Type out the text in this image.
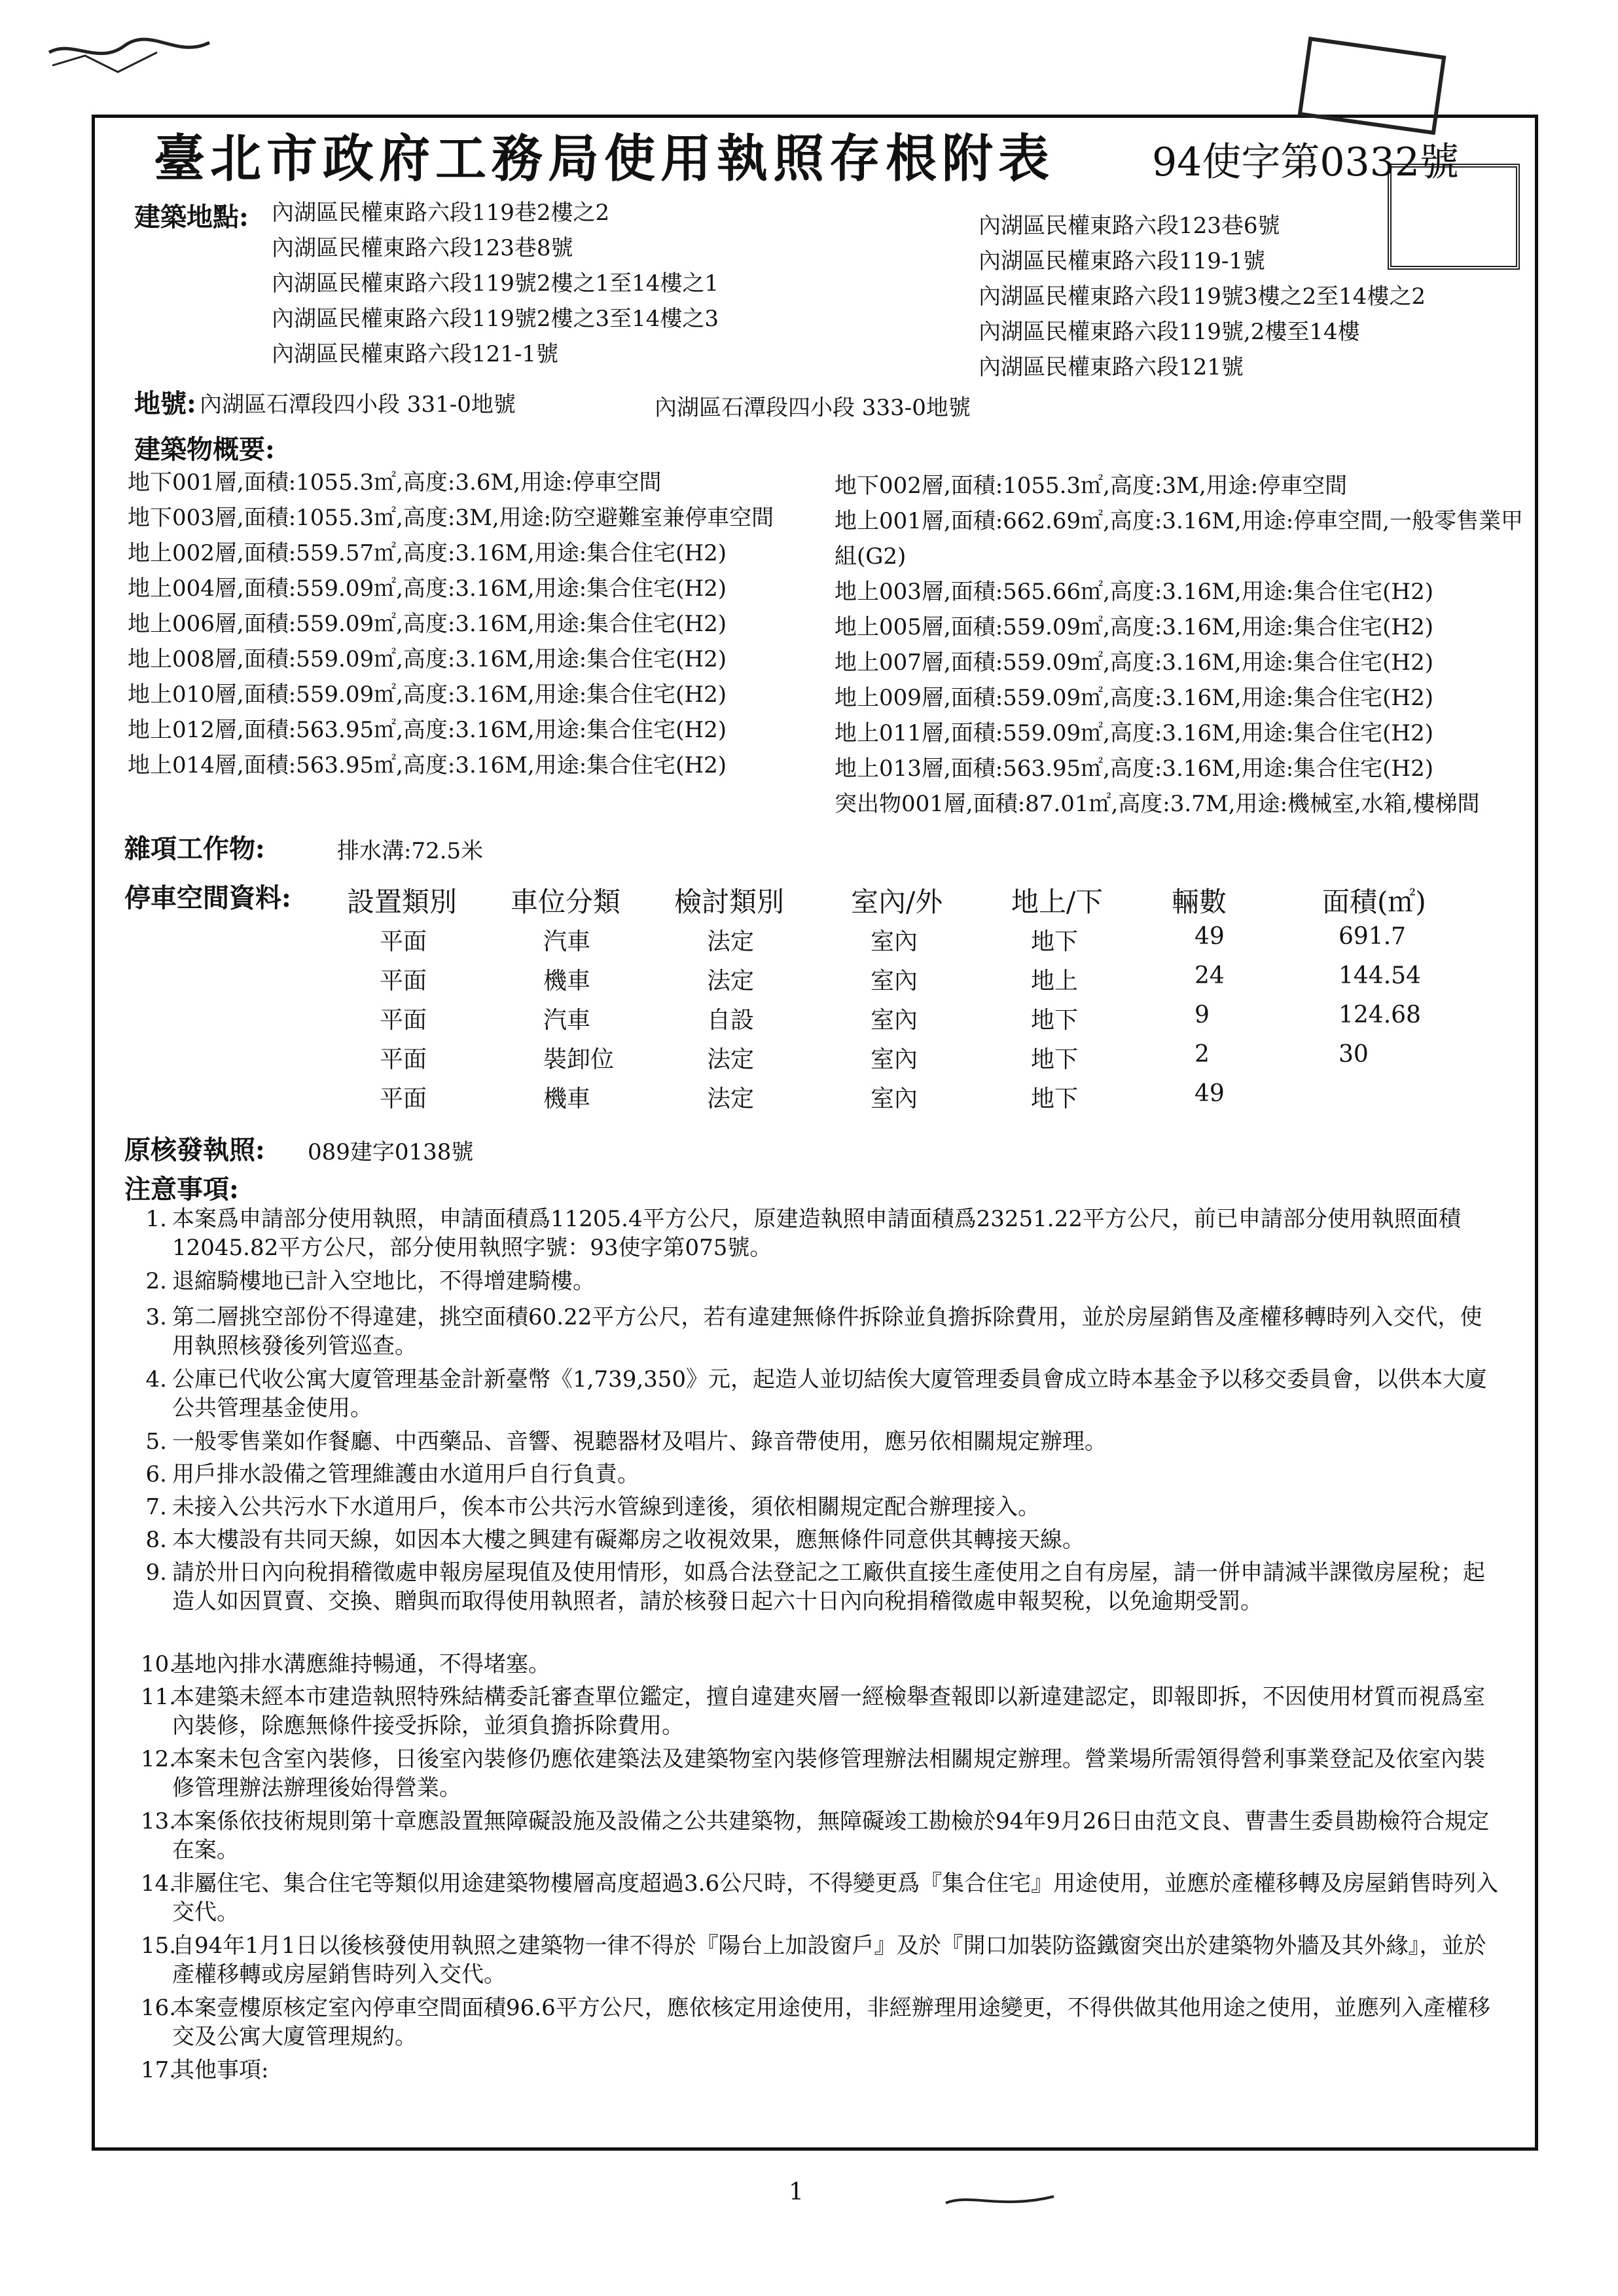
臺北市政府工務局使用執照存根附表 94使字第0332號
建築地點: 內湖區民權東路六段119巷2樓之2
內湖區民權東路六段123巷8號
內湖區民權東路六段119號2樓之1至14樓之1
內湖區民權東路六段119號2樓之3至14樓之3
內湖區民權東路六段121-1號
內湖區民權東路六段123巷6號
內湖區民權東路六段119-1號
內湖區民權東路六段119號3樓之2至14樓之2
內湖區民權東路六段119號,2樓至14樓
內湖區民權東路六段121號
地號: 內湖區石潭段四小段 331-0地號	內湖區石潭段四小段 333-0地號
建築物概要:
地下001層,面積:1055.3㎡,高度:3.6M,用途:停車空間
地下003層,面積:1055.3㎡,高度:3M,用途:防空避難室兼停車空間
地上002層,面積:559.57㎡,高度:3.16M,用途:集合住宅(H2)
地上004層,面積:559.09㎡,高度:3.16M,用途:集合住宅(H2)
地上006層,面積:559.09㎡,高度:3.16M,用途:集合住宅(H2)
地上008層,面積:559.09㎡,高度:3.16M,用途:集合住宅(H2)
地上010層,面積:559.09㎡,高度:3.16M,用途:集合住宅(H2)
地上012層,面積:563.95㎡,高度:3.16M,用途:集合住宅(H2)
地上014層,面積:563.95㎡,高度:3.16M,用途:集合住宅(H2)
地下002層,面積:1055.3㎡,高度:3M,用途:停車空間
地上001層,面積:662.69㎡,高度:3.16M,用途:停車空間,一般零售業甲組(G2)
地上003層,面積:565.66㎡,高度:3.16M,用途:集合住宅(H2)
地上005層,面積:559.09㎡,高度:3.16M,用途:集合住宅(H2)
地上007層,面積:559.09㎡,高度:3.16M,用途:集合住宅(H2)
地上009層,面積:559.09㎡,高度:3.16M,用途:集合住宅(H2)
地上011層,面積:559.09㎡,高度:3.16M,用途:集合住宅(H2)
地上013層,面積:563.95㎡,高度:3.16M,用途:集合住宅(H2)
突出物001層,面積:87.01㎡,高度:3.7M,用途:機械室,水箱,樓梯間
雜項工作物:	排水溝:72.5米
停車空間資料: 設置類別 車位分類 檢討類別 室內/外 地上/下 輛數	面積(㎡)
平面	汽車	法定	室內	地下	49	691.7
平面	機車	法定	室內	地上	24	144.54
平面	汽車	自設	室內	地下	9	124.68
平面	裝卸位	法定	室內	地下	2	30
平面	機車	法定	室內	地下	49
原核發執照: 089建字0138號
注意事項:
1. 本案爲申請部分使用執照，申請面積爲11205.4平方公尺，原建造執照申請面積爲23251.22平方公尺，前已申請部分使用執照面積12045.82平方公尺，部分使用執照字號：93使字第075號。
2. 退縮騎樓地已計入空地比，不得增建騎樓。
3. 第二層挑空部份不得違建，挑空面積60.22平方公尺，若有違建無條件拆除並負擔拆除費用，並於房屋銷售及產權移轉時列入交代，使用執照核發後列管巡查。
4. 公庫已代收公寓大廈管理基金計新臺幣《1,739,350》元，起造人並切結俟大廈管理委員會成立時本基金予以移交委員會，以供本大廈公共管理基金使用。
5. 一般零售業如作餐廳、中西藥品、音響、視聽器材及唱片、錄音帶使用，應另依相關規定辦理。
6. 用戶排水設備之管理維護由水道用戶自行負責。
7. 未接入公共污水下水道用戶，俟本市公共污水管線到達後，須依相關規定配合辦理接入。
8. 本大樓設有共同天線，如因本大樓之興建有礙鄰房之收視效果，應無條件同意供其轉接天線。
9. 請於卅日內向稅捐稽徵處申報房屋現值及使用情形，如爲合法登記之工廠供直接生產使用之自有房屋，請一併申請減半課徵房屋稅；起造人如因買賣、交換、贈與而取得使用執照者，請於核發日起六十日內向稅捐稽徵處申報契稅，以免逾期受罰。
10.基地內排水溝應維持暢通，不得堵塞。
11.本建築未經本市建造執照特殊結構委託審查單位鑑定，擅自違建夾層一經檢舉查報即以新違建認定，即報即拆，不因使用材質而視爲室內裝修，除應無條件接受拆除，並須負擔拆除費用。
12.本案未包含室內裝修，日後室內裝修仍應依建築法及建築物室內裝修管理辦法相關規定辦理。營業場所需領得營利事業登記及依室內裝修管理辦法辦理後始得營業。
13.本案係依技術規則第十章應設置無障礙設施及設備之公共建築物，無障礙竣工勘檢於94年9月26日由范文良、曹書生委員勘檢符合規定在案。
14.非屬住宅、集合住宅等類似用途建築物樓層高度超過3.6公尺時，不得變更爲『集合住宅』用途使用，並應於產權移轉及房屋銷售時列入交代。
15.自94年1月1日以後核發使用執照之建築物一律不得於『陽台上加設窗戶』及於『開口加裝防盜鐵窗突出於建築物外牆及其外緣』，並於產權移轉或房屋銷售時列入交代。
16.本案壹樓原核定室內停車空間面積96.6平方公尺，應依核定用途使用，非經辦理用途變更，不得供做其他用途之使用，並應列入產權移交及公寓大廈管理規約。
17.其他事項:
1
